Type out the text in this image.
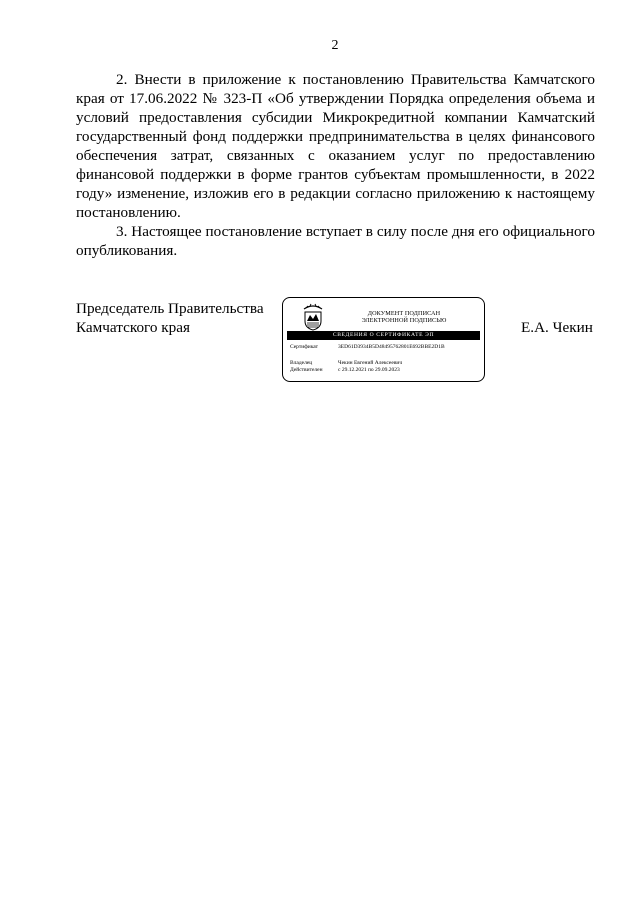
2

2. Внести в приложение к постановлению Правительства Камчатского края от 17.06.2022 № 323-П «Об утверждении Порядка определения объема и условий предоставления субсидии Микрокредитной компании Камчатский государственный фонд поддержки предпринимательства в целях финансового обеспечения затрат, связанных с оказанием услуг по предоставлению финансовой поддержки в форме грантов субъектам промышленности, в 2022 году» изменение, изложив его в редакции согласно приложению к настоящему постановлению.

3. Настоящее постановление вступает в силу после дня его официального опубликования.

Председатель Правительства
Камчатского края
ДОКУМЕНТ ПОДПИСАН
ЭЛЕКТРОННОЙ ПОДПИСЬЮ
СВЕДЕНИЯ О СЕРТИФИКАТЕ ЭП
Сертификат	3ED61D3934B5D48495762801E692BBE2D1B
Владелец	Чекин Евгений Алексеевич
Действителен	с 29.12.2021 по 29.09.2023
Е.А. Чекин
